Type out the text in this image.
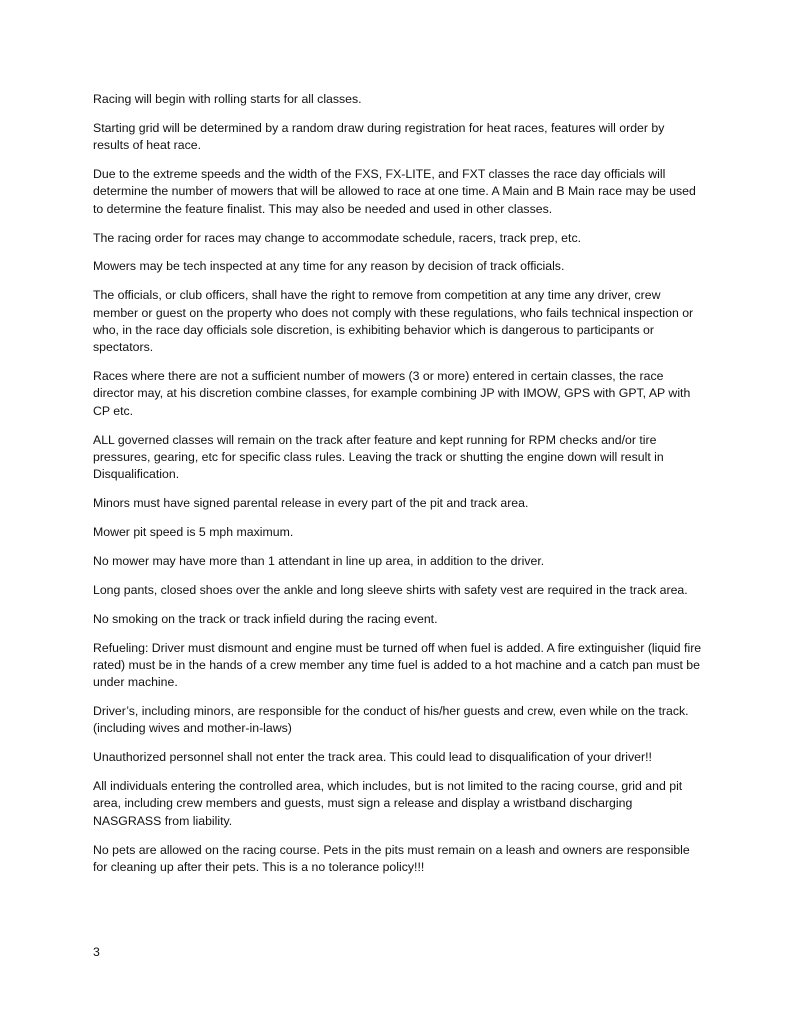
Racing will begin with rolling starts for all classes.

Starting grid will be determined by a random draw during registration for heat races, features will order by results of heat race.

Due to the extreme speeds and the width of the FXS, FX-LITE, and FXT classes the race day officials will determine the number of mowers that will be allowed to race at one time. A Main and B Main race may be used to determine the feature finalist. This may also be needed and used in other classes.

The racing order for races may change to accommodate schedule, racers, track prep, etc.

Mowers may be tech inspected at any time for any reason by decision of track officials.

The officials, or club officers, shall have the right to remove from competition at any time any driver, crew member or guest on the property who does not comply with these regulations, who fails technical inspection or who, in the race day officials sole discretion, is exhibiting behavior which is dangerous to participants or spectators.

Races where there are not a sufficient number of mowers (3 or more) entered in certain classes, the race director may, at his discretion combine classes, for example combining JP with IMOW, GPS with GPT, AP with CP etc.

ALL governed classes will remain on the track after feature and kept running for RPM checks and/or tire pressures, gearing, etc for specific class rules. Leaving the track or shutting the engine down will result in Disqualification.

Minors must have signed parental release in every part of the pit and track area.

Mower pit speed is 5 mph maximum.

No mower may have more than 1 attendant in line up area, in addition to the driver.

Long pants, closed shoes over the ankle and long sleeve shirts with safety vest are required in the track area.

No smoking on the track or track infield during the racing event.

Refueling: Driver must dismount and engine must be turned off when fuel is added. A fire extinguisher (liquid fire rated) must be in the hands of a crew member any time fuel is added to a hot machine and a catch pan must be under machine.

Driver’s, including minors, are responsible for the conduct of his/her guests and crew, even while on the track. (including wives and mother-in-laws)

Unauthorized personnel shall not enter the track area. This could lead to disqualification of your driver!!

All individuals entering the controlled area, which includes, but is not limited to the racing course, grid and pit area, including crew members and guests, must sign a release and display a wristband discharging NASGRASS from liability.

No pets are allowed on the racing course. Pets in the pits must remain on a leash and owners are responsible for cleaning up after their pets. This is a no tolerance policy!!!

3
